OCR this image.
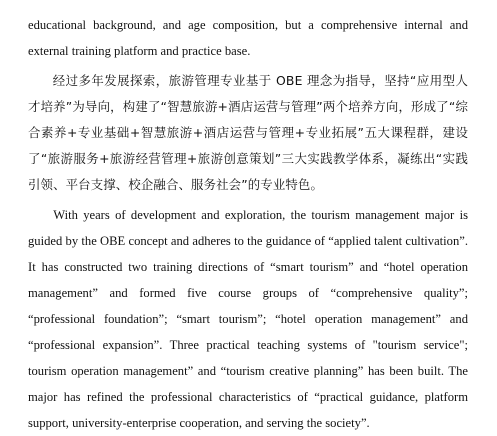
educational background, and age composition, but a comprehensive internal and external training platform and practice base.

经过多年发展探索，旅游管理专业基于 OBE 理念为指导，坚持“应用型人才培养”为导向，构建了“智慧旅游+酒店运营与管理”两个培养方向，形成了“综合素养+专业基础+智慧旅游+酒店运营与管理+专业拓展”五大课程群，建设了“旅游服务+旅游经营管理+旅游创意策划”三大实践教学体系，凝练出“实践引领、平台支撑、校企融合、服务社会”的专业特色。

With years of development and exploration, the tourism management major is guided by the OBE concept and adheres to the guidance of “applied talent cultivation”. It has constructed two training directions of “smart tourism” and “hotel operation management” and formed five course groups of “comprehensive quality”; “professional foundation”; “smart tourism”; “hotel operation management” and “professional expansion”. Three practical teaching systems of "tourism service"; tourism operation management” and “tourism creative planning” has been built. The major has refined the professional characteristics of “practical guidance, platform support, university-enterprise cooperation, and serving the society”.
